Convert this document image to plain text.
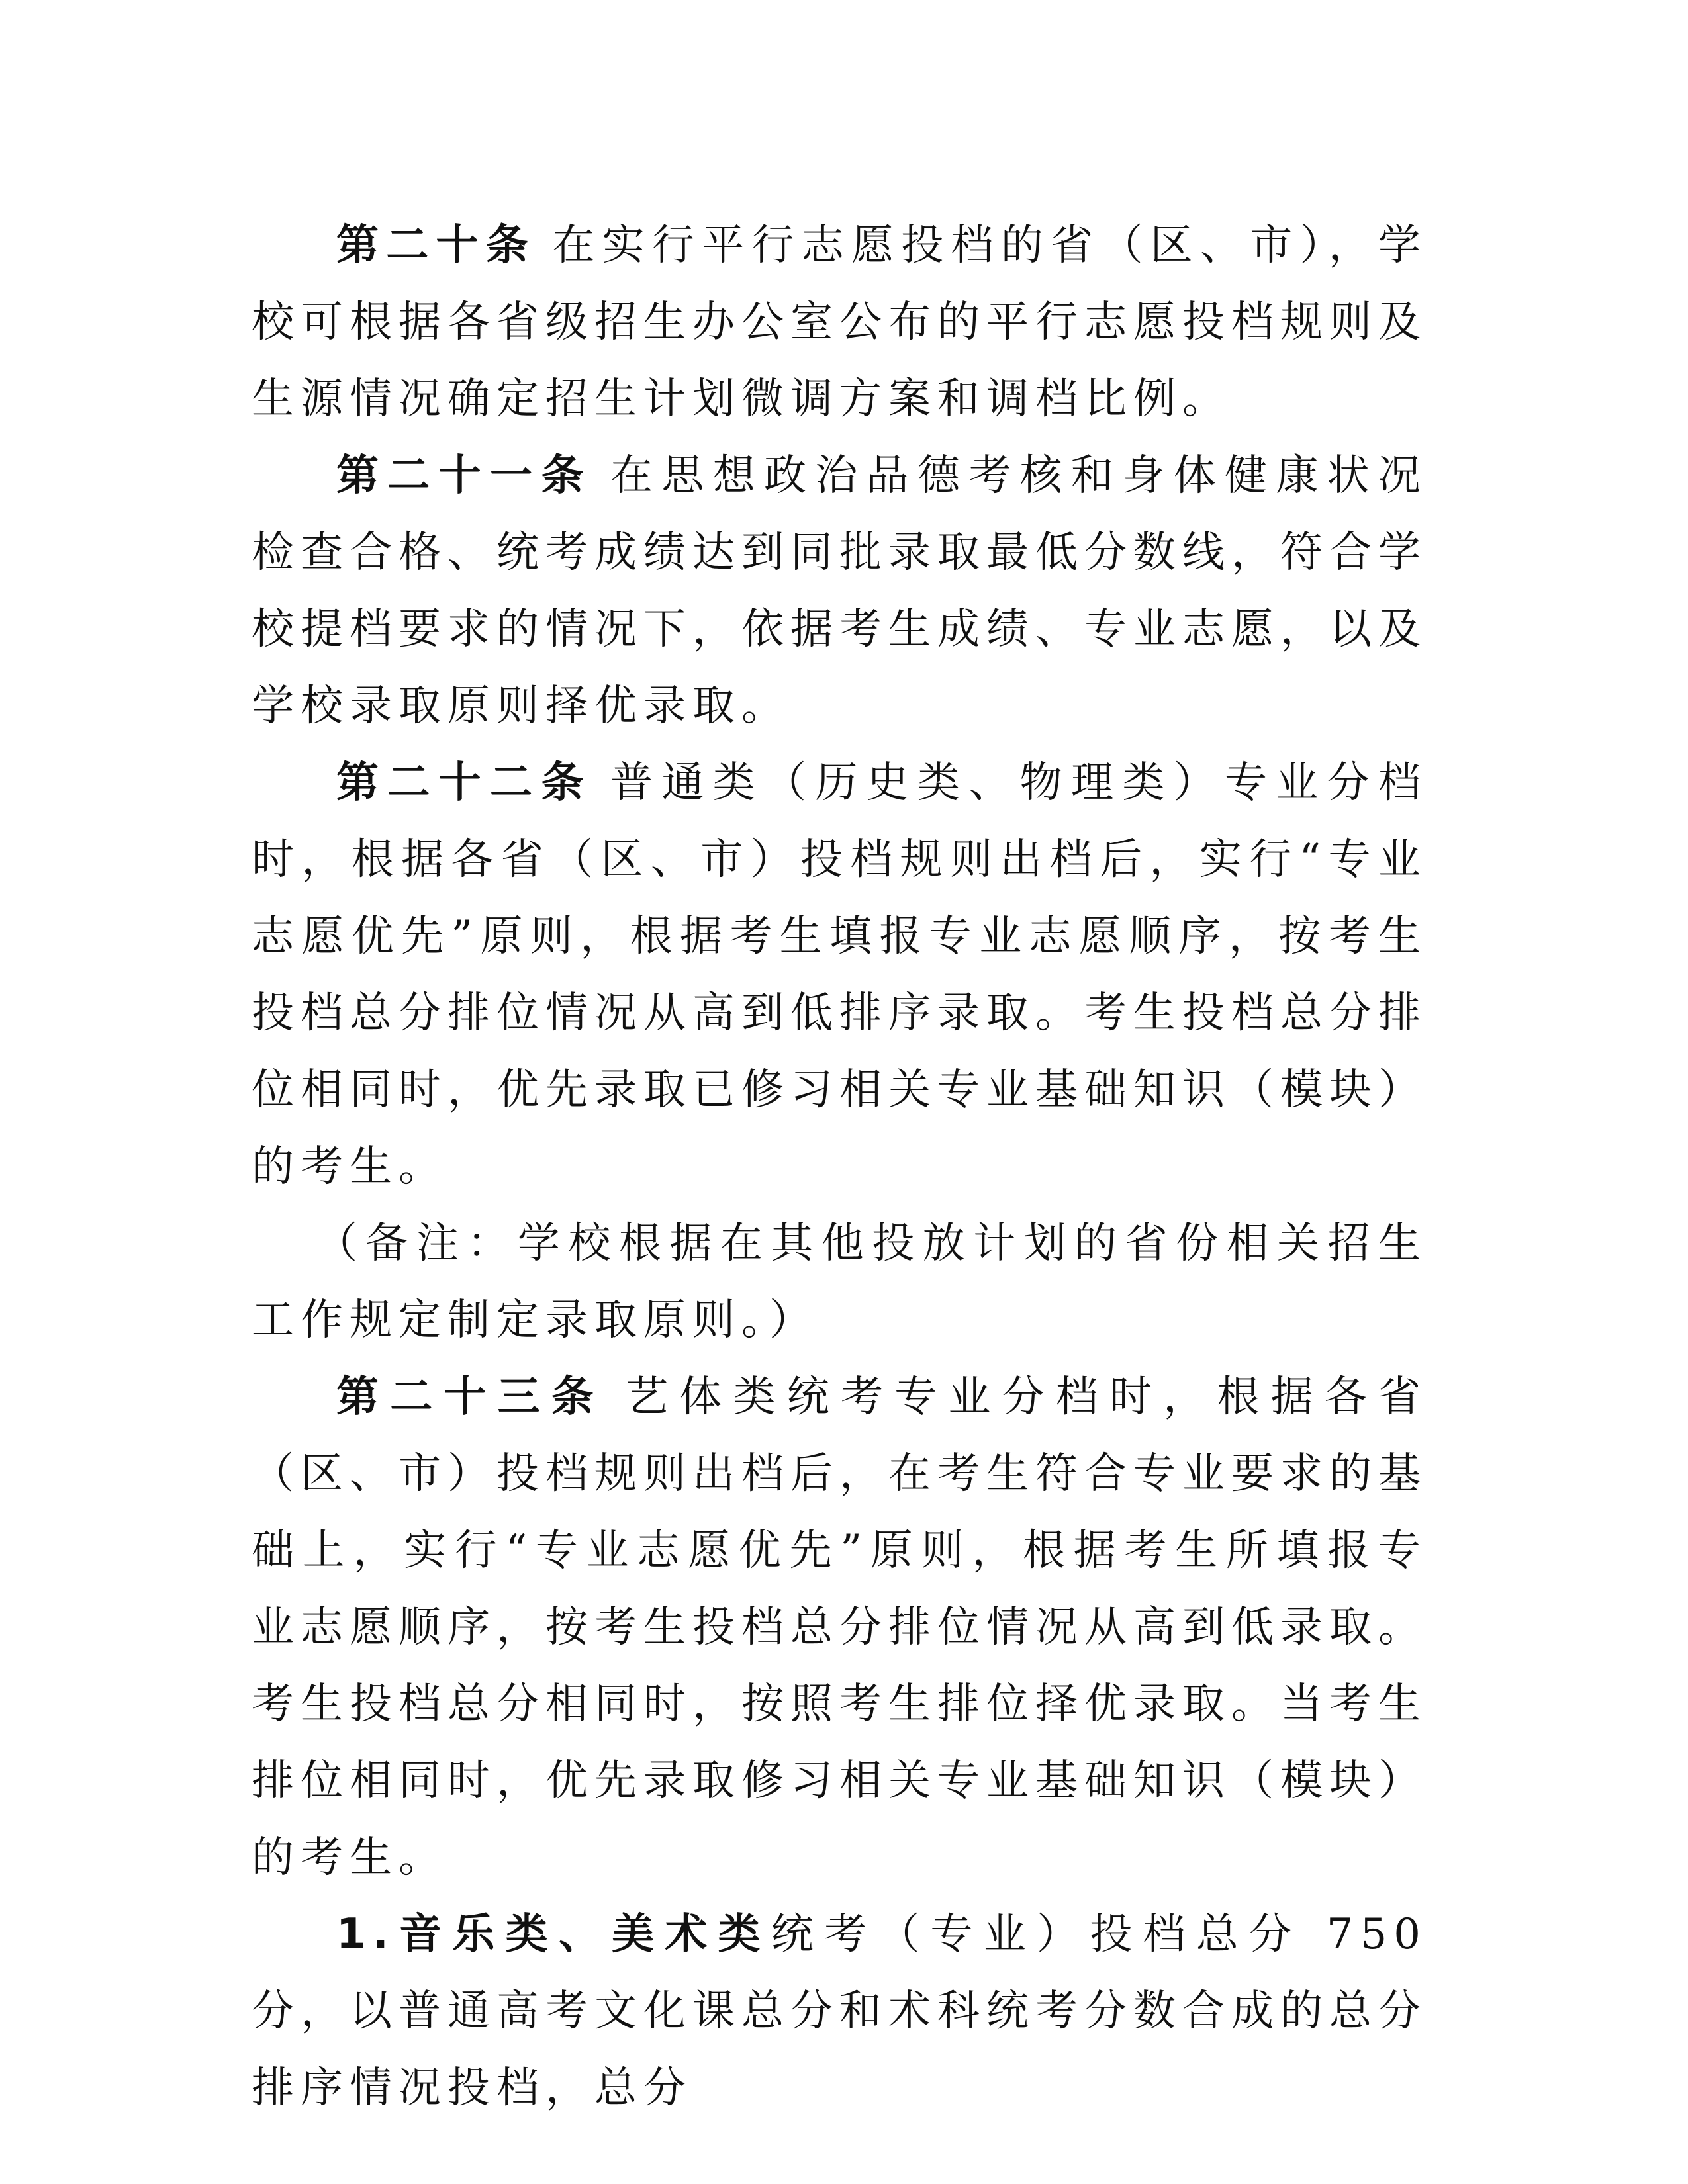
第二十条 在实行平行志愿投档的省（区、市），学校可根据各省级招生办公室公布的平行志愿投档规则及生源情况确定招生计划微调方案和调档比例。

第二十一条 在思想政治品德考核和身体健康状况检查合格、统考成绩达到同批录取最低分数线，符合学校提档要求的情况下，依据考生成绩、专业志愿，以及学校录取原则择优录取。

第二十二条 普通类（历史类、物理类）专业分档时，根据各省（区、市）投档规则出档后，实行“专业志愿优先”原则，根据考生填报专业志愿顺序，按考生投档总分排位情况从高到低排序录取。考生投档总分排位相同时，优先录取已修习相关专业基础知识（模块）的考生。

（备注：学校根据在其他投放计划的省份相关招生工作规定制定录取原则。）

第二十三条 艺体类统考专业分档时，根据各省（区、市）投档规则出档后，在考生符合专业要求的基础上，实行“专业志愿优先”原则，根据考生所填报专业志愿顺序，按考生投档总分排位情况从高到低录取。考生投档总分相同时，按照考生排位择优录取。当考生排位相同时，优先录取修习相关专业基础知识（模块）的考生。

1.音乐类、美术类统考（专业）投档总分 750 分，以普通高考文化课总分和术科统考分数合成的总分排序情况投档，总分
